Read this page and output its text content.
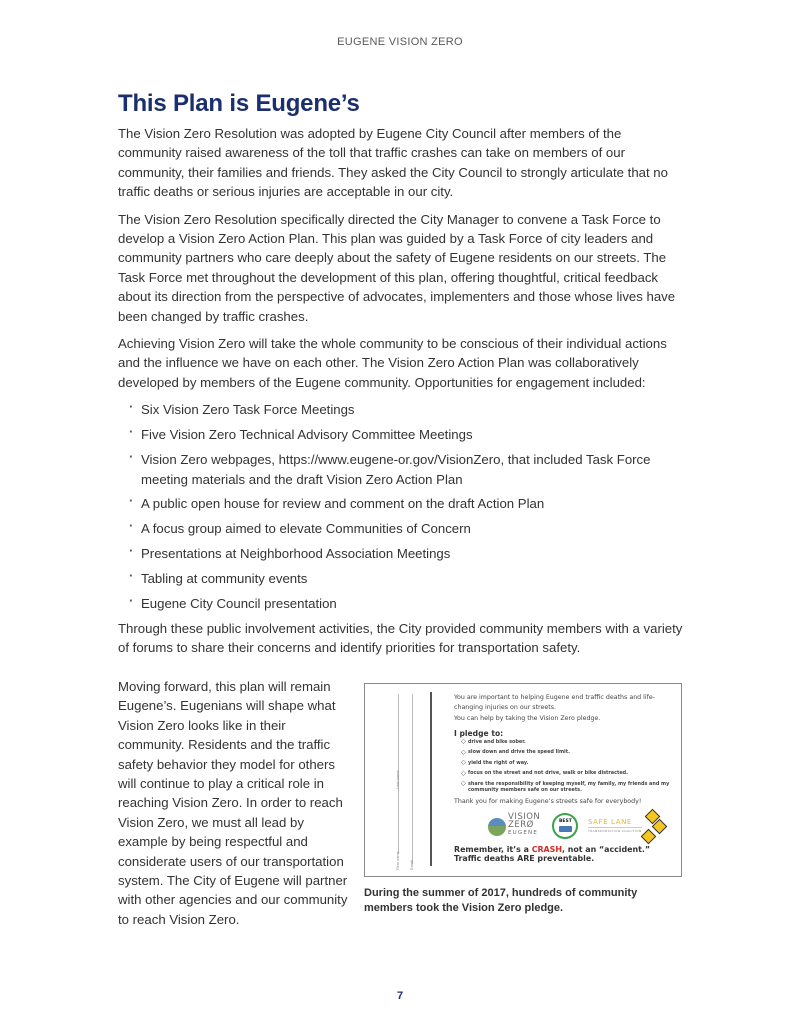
EUGENE VISION ZERO
This Plan is Eugene’s

The Vision Zero Resolution was adopted by Eugene City Council after members of the community raised awareness of the toll that traffic crashes can take on members of our community, their families and friends. They asked the City Council to strongly articulate that no traffic deaths or serious injuries are acceptable in our city.

The Vision Zero Resolution specifically directed the City Manager to convene a Task Force to develop a Vision Zero Action Plan. This plan was guided by a Task Force of city leaders and community partners who care deeply about the safety of Eugene residents on our streets. The Task Force met throughout the development of this plan, offering thoughtful, critical feedback about its direction from the perspective of advocates, implementers and those whose lives have been changed by traffic crashes.

Achieving Vision Zero will take the whole community to be conscious of their individual actions and the influence we have on each other. The Vision Zero Action Plan was collaboratively developed by members of the Eugene community. Opportunities for engagement included:

· Six Vision Zero Task Force Meetings
· Five Vision Zero Technical Advisory Committee Meetings
· Vision Zero webpages, https://www.eugene-or.gov/VisionZero, that included Task Force meeting materials and the draft Vision Zero Action Plan
· A public open house for review and comment on the draft Action Plan
· A focus group aimed to elevate Communities of Concern
· Presentations at Neighborhood Association Meetings
· Tabling at community events
· Eugene City Council presentation

Through these public involvement activities, the City provided community members with a variety of forums to share their concerns and identify priorities for transportation safety.

Moving forward, this plan will remain Eugene’s. Eugenians will shape what Vision Zero looks like in their community. Residents and the traffic safety behavior they model for others will continue to play a critical role in reaching Vision Zero. In order to reach Vision Zero, we must all lead by example by being respectful and considerate users of our transportation system. The City of Eugene will partner with other agencies and our community to reach Vision Zero.
First name
Last name
Email

You are important to helping Eugene end traffic deaths and life-changing injuries on our streets.

You can help by taking the Vision Zero pledge.

I pledge to:
◇ drive and bike sober.
◇ slow down and drive the speed limit.
◇ yield the right of way.
◇ focus on the street and not drive, walk or bike distracted.
◇ share the responsibility of keeping myself, my family, my friends and my community members safe on our streets.
Thank you for making Eugene’s streets safe for everybody!
VISION
ZERØ
EUGENE
BEST SAFE LANE
TRANSPORTATION COALITION
Remember, it’s a CRASH, not an “accident.”
Traffic deaths ARE preventable.
During the summer of 2017, hundreds of community members took the Vision Zero pledge.
7
